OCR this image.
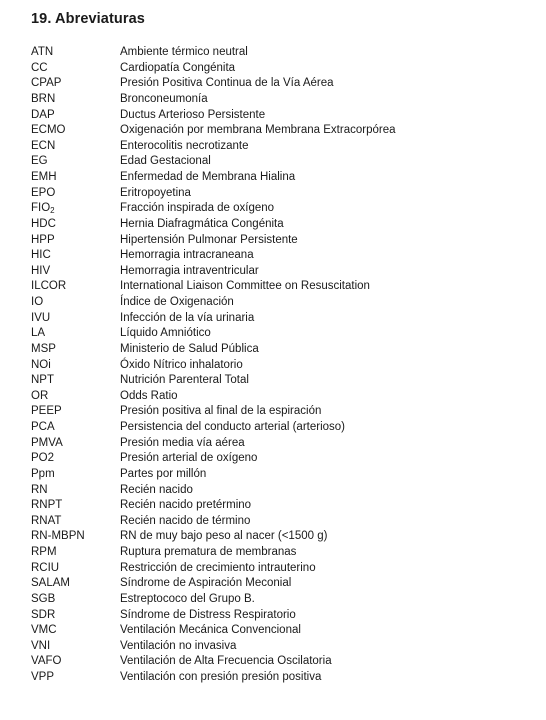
19. Abreviaturas
ATN	Ambiente térmico neutral
CC	Cardiopatía Congénita
CPAP	Presión Positiva Continua de la Vía Aérea
BRN	Bronconeumonía
DAP	Ductus Arterioso Persistente
ECMO	Oxigenación por membrana Membrana Extracorpórea
ECN	Enterocolitis necrotizante
EG	Edad Gestacional
EMH	Enfermedad de Membrana Hialina
EPO	Eritropoyetina
$FIO_2$	Fracción inspirada de oxígeno
HDC	Hernia Diafragmática Congénita
HPP	Hipertensión Pulmonar Persistente
HIC	Hemorragia intracraneana
HIV	Hemorragia intraventricular
ILCOR	International Liaison Committee on Resuscitation
IO	Índice de Oxigenación
IVU	Infección de la vía urinaria
LA	Líquido Amniótico
MSP	Ministerio de Salud Pública
NOi	Óxido Nítrico inhalatorio
NPT	Nutrición Parenteral Total
OR	Odds Ratio
PEEP	Presión positiva al final de la espiración
PCA	Persistencia del conducto arterial (arterioso)
PMVA	Presión media vía aérea
PO2	Presión arterial de oxígeno
Ppm	Partes por millón
RN	Recién nacido
RNPT	Recién nacido pretérmino
RNAT	Recién nacido de término
RN-MBPN	RN de muy bajo peso al nacer (<1500 g)
RPM	Ruptura prematura de membranas
RCIU	Restricción de crecimiento intrauterino
SALAM	Síndrome de Aspiración Meconial
SGB	Estreptococo del Grupo B.
SDR	Síndrome de Distress Respiratorio
VMC	Ventilación Mecánica Convencional
VNI	Ventilación no invasiva
VAFO	Ventilación de Alta Frecuencia Oscilatoria
VPP	Ventilación con presión presión positiva
